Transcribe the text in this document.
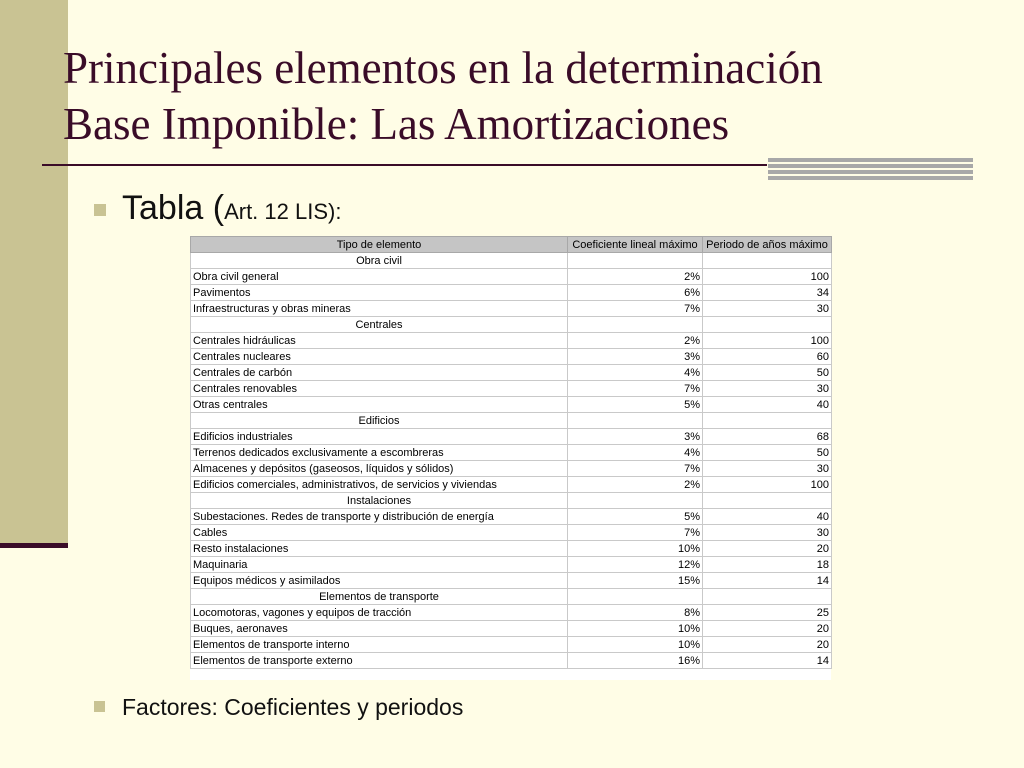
Principales elementos en la determinación
Base Imponible: Las Amortizaciones
Tabla (Art. 12 LIS):
Tipo de elemento	Coeficiente lineal máximo	Periodo de años máximo
Obra civil		
Obra civil general	2%	100
Pavimentos	6%	34
Infraestructuras y obras mineras	7%	30
Centrales		
Centrales hidráulicas	2%	100
Centrales nucleares	3%	60
Centrales de carbón	4%	50
Centrales renovables	7%	30
Otras centrales	5%	40
Edificios		
Edificios industriales	3%	68
Terrenos dedicados exclusivamente a escombreras	4%	50
Almacenes y depósitos (gaseosos, líquidos y sólidos)	7%	30
Edificios comerciales, administrativos, de servicios y viviendas	2%	100
Instalaciones		
Subestaciones. Redes de transporte y distribución de energía	5%	40
Cables	7%	30
Resto instalaciones	10%	20
Maquinaria	12%	18
Equipos médicos y asimilados	15%	14
Elementos de transporte		
Locomotoras, vagones y equipos de tracción	8%	25
Buques, aeronaves	10%	20
Elementos de transporte interno	10%	20
Elementos de transporte externo	16%	14
Factores: Coeficientes y periodos
